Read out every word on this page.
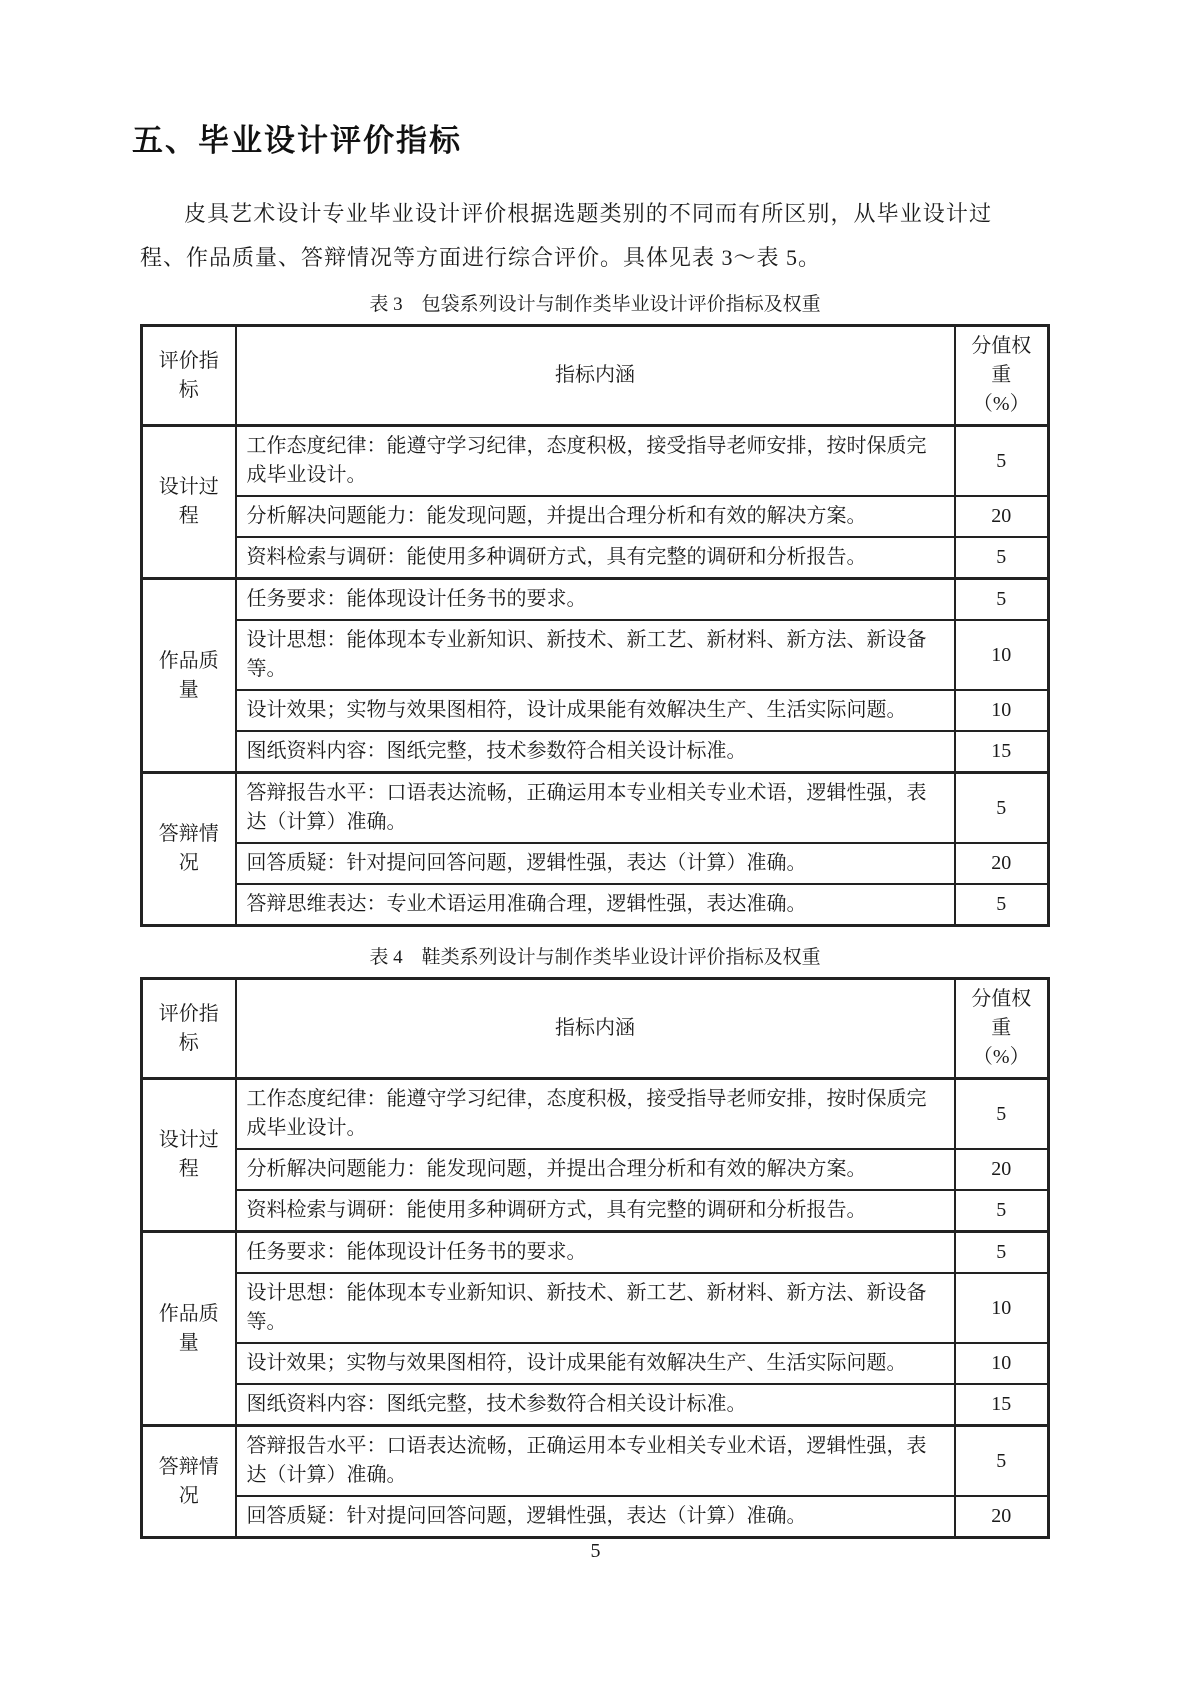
五、毕业设计评价指标

皮具艺术设计专业毕业设计评价根据选题类别的不同而有所区别，从毕业设计过程、作品质量、答辩情况等方面进行综合评价。具体见表 3～表 5。

表 3　包袋系列设计与制作类毕业设计评价指标及权重
评价指标	指标内涵	分值权重
（%）

设计过程	工作态度纪律：能遵守学习纪律，态度积极，接受指导老师安排，按时保质完成毕业设计。	5
	分析解决问题能力：能发现问题，并提出合理分析和有效的解决方案。	20
	资料检索与调研：能使用多种调研方式，具有完整的调研和分析报告。	5
作品质量	任务要求：能体现设计任务书的要求。	5
	设计思想：能体现本专业新知识、新技术、新工艺、新材料、新方法、新设备等。	10
	设计效果；实物与效果图相符，设计成果能有效解决生产、生活实际问题。	10
	图纸资料内容：图纸完整，技术参数符合相关设计标准。	15
答辩情况	答辩报告水平：口语表达流畅，正确运用本专业相关专业术语，逻辑性强，表达（计算）准确。	5
	回答质疑：针对提问回答问题，逻辑性强，表达（计算）准确。	20
	答辩思维表达：专业术语运用准确合理，逻辑性强，表达准确。	5
表 4　鞋类系列设计与制作类毕业设计评价指标及权重
评价指标	指标内涵	分值权重
（%）

设计过程	工作态度纪律：能遵守学习纪律，态度积极，接受指导老师安排，按时保质完成毕业设计。	5
	分析解决问题能力：能发现问题，并提出合理分析和有效的解决方案。	20
	资料检索与调研：能使用多种调研方式，具有完整的调研和分析报告。	5
作品质量	任务要求：能体现设计任务书的要求。	5
	设计思想：能体现本专业新知识、新技术、新工艺、新材料、新方法、新设备等。	10
	设计效果；实物与效果图相符，设计成果能有效解决生产、生活实际问题。	10
	图纸资料内容：图纸完整，技术参数符合相关设计标准。	15
答辩情况	答辩报告水平：口语表达流畅，正确运用本专业相关专业术语，逻辑性强，表达（计算）准确。	5
	回答质疑：针对提问回答问题，逻辑性强，表达（计算）准确。	20
5
